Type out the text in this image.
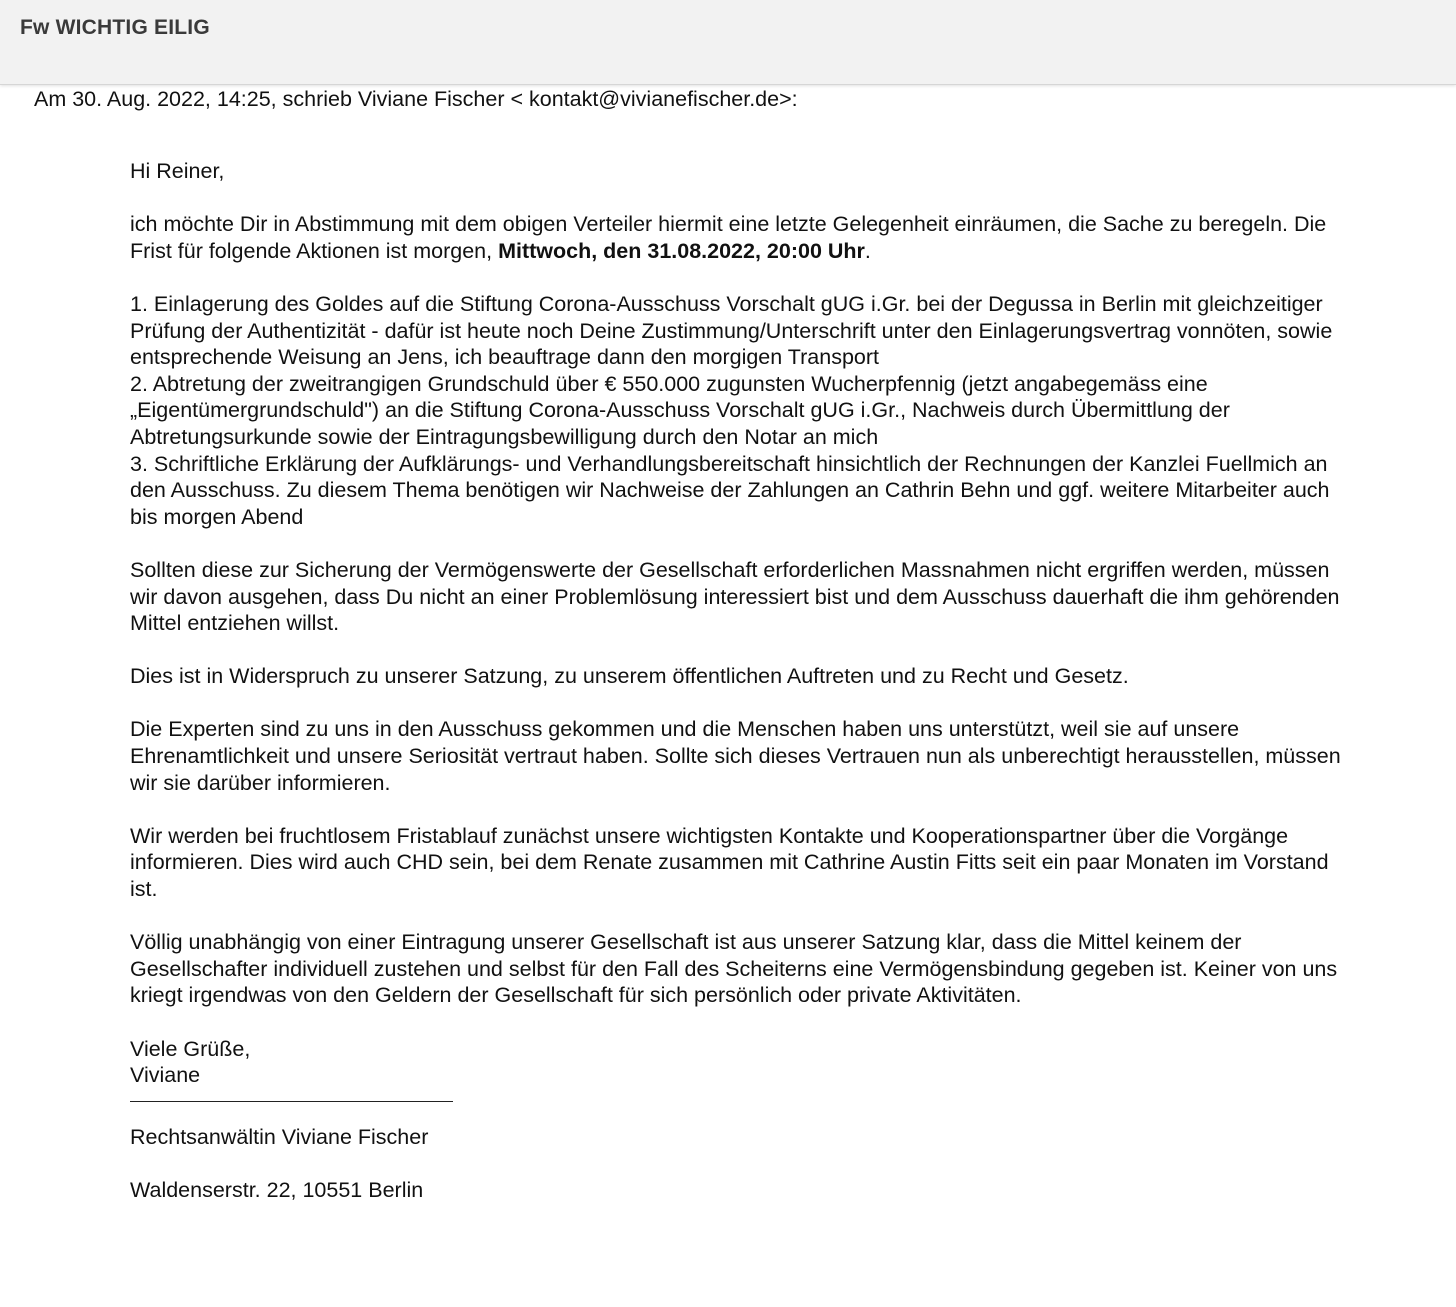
Fw WICHTIG EILIG
Am 30. Aug. 2022, 14:25, schrieb Viviane Fischer < kontakt@vivianefischer.de>:

Hi Reiner,

ich möchte Dir in Abstimmung mit dem obigen Verteiler hiermit eine letzte Gelegenheit einräumen, die Sache zu beregeln. Die Frist für folgende Aktionen ist morgen, Mittwoch, den 31.08.2022, 20:00 Uhr.

1. Einlagerung des Goldes auf die Stiftung Corona-Ausschuss Vorschalt gUG i.Gr. bei der Degussa in Berlin mit gleichzeitiger Prüfung der Authentizität - dafür ist heute noch Deine Zustimmung/Unterschrift unter den Einlagerungsvertrag vonnöten, sowie entsprechende Weisung an Jens, ich beauftrage dann den morgigen Transport

2. Abtretung der zweitrangigen Grundschuld über € 550.000 zugunsten Wucherpfennig (jetzt angabegemäss eine „Eigentümergrundschuld") an die Stiftung Corona-Ausschuss Vorschalt gUG i.Gr., Nachweis durch Übermittlung der Abtretungsurkunde sowie der Eintragungsbewilligung durch den Notar an mich

3. Schriftliche Erklärung der Aufklärungs- und Verhandlungsbereitschaft hinsichtlich der Rechnungen der Kanzlei Fuellmich an den Ausschuss. Zu diesem Thema benötigen wir Nachweise der Zahlungen an Cathrin Behn und ggf. weitere Mitarbeiter auch bis morgen Abend

Sollten diese zur Sicherung der Vermögenswerte der Gesellschaft erforderlichen Massnahmen nicht ergriffen werden, müssen wir davon ausgehen, dass Du nicht an einer Problemlösung interessiert bist und dem Ausschuss dauerhaft die ihm gehörenden Mittel entziehen willst.

Dies ist in Widerspruch zu unserer Satzung, zu unserem öffentlichen Auftreten und zu Recht und Gesetz.

Die Experten sind zu uns in den Ausschuss gekommen und die Menschen haben uns unterstützt, weil sie auf unsere Ehrenamtlichkeit und unsere Seriosität vertraut haben. Sollte sich dieses Vertrauen nun als unberechtigt herausstellen, müssen wir sie darüber informieren.

Wir werden bei fruchtlosem Fristablauf zunächst unsere wichtigsten Kontakte und Kooperationspartner über die Vorgänge informieren. Dies wird auch CHD sein, bei dem Renate zusammen mit Cathrine Austin Fitts seit ein paar Monaten im Vorstand ist.

Völlig unabhängig von einer Eintragung unserer Gesellschaft ist aus unserer Satzung klar, dass die Mittel keinem der Gesellschafter individuell zustehen und selbst für den Fall des Scheiterns eine Vermögensbindung gegeben ist. Keiner von uns kriegt irgendwas von den Geldern der Gesellschaft für sich persönlich oder private Aktivitäten.

Viele Grüße,

Viviane

Rechtsanwältin Viviane Fischer

Waldenserstr. 22, 10551 Berlin
